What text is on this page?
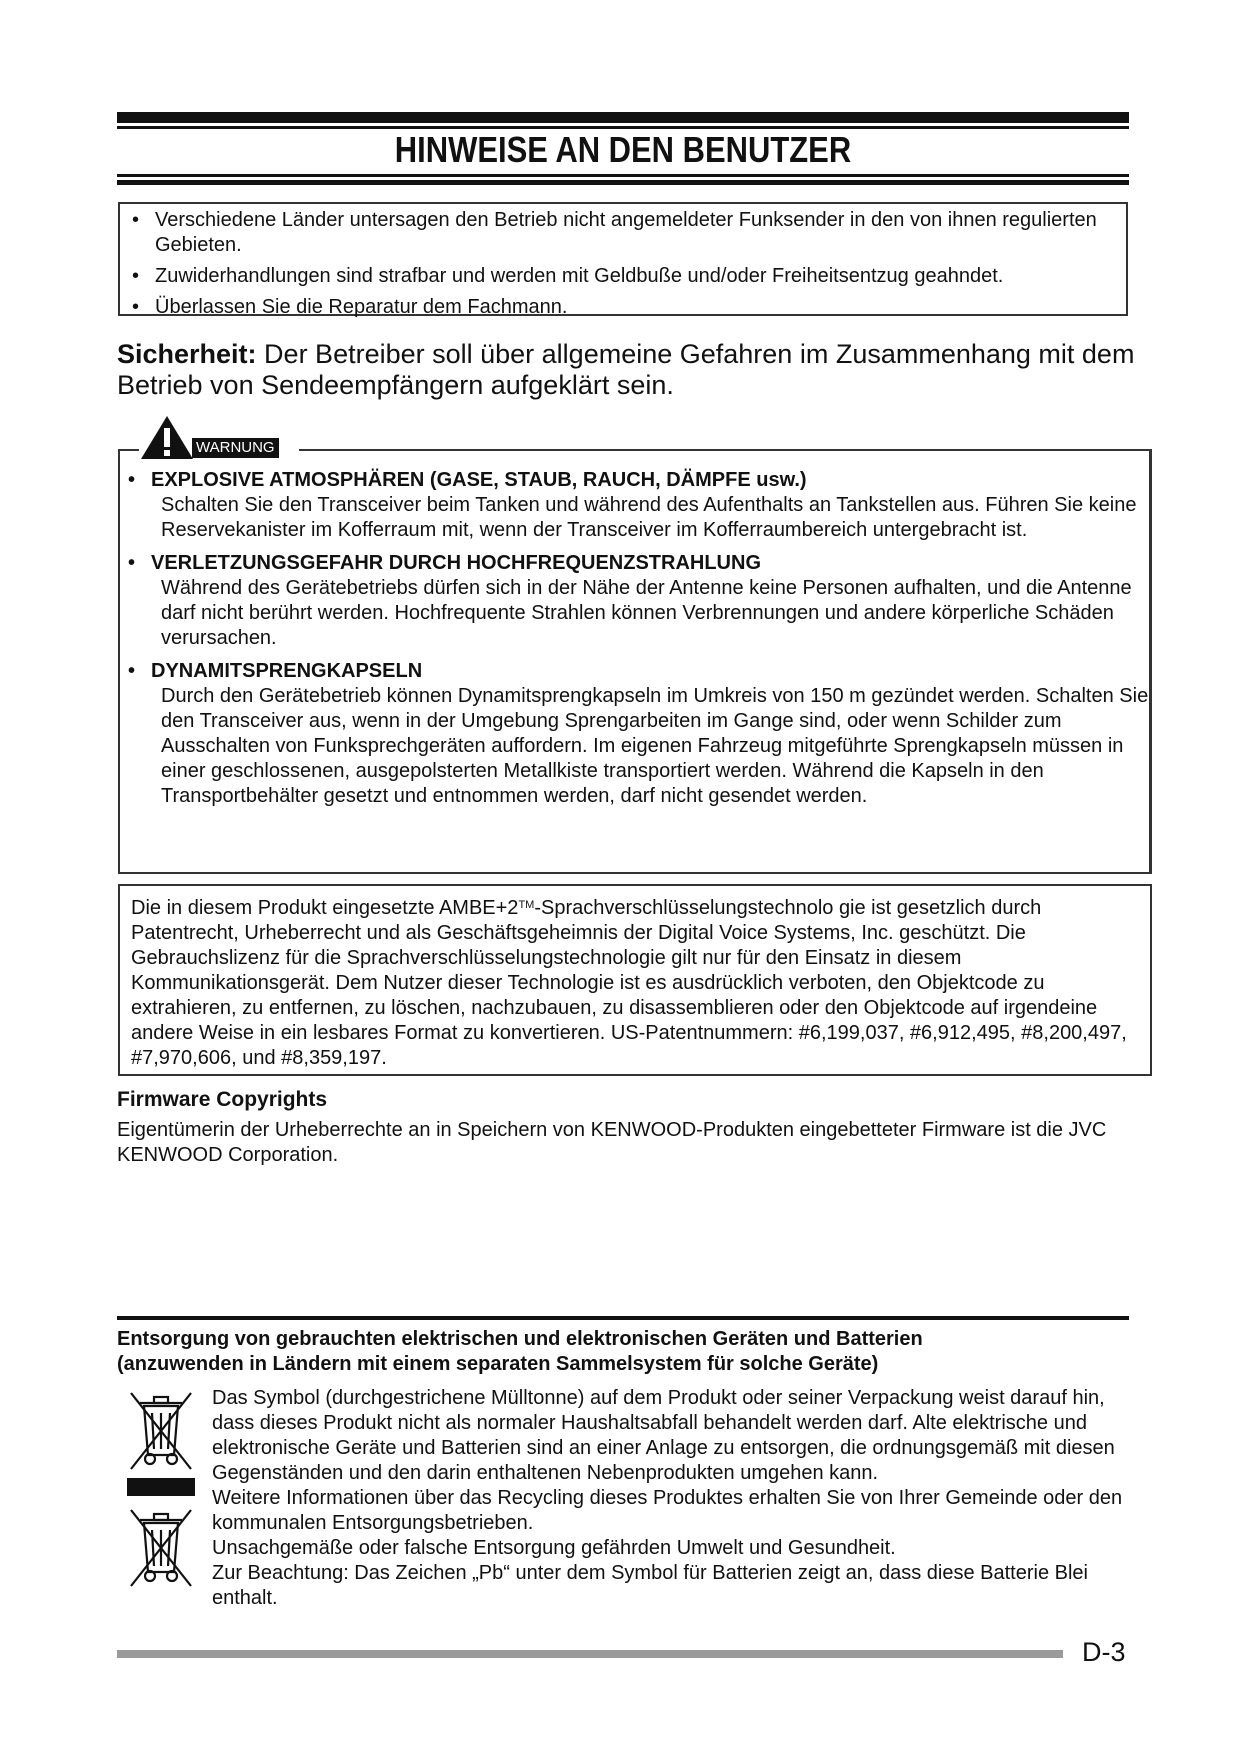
HINWEISE AN DEN BENUTZER
• Verschiedene Länder untersagen den Betrieb nicht angemeldeter Funksender in den von ihnen regulierten Gebieten.
• Zuwiderhandlungen sind strafbar und werden mit Geldbuße und/oder Freiheitsentzug geahndet.
• Überlassen Sie die Reparatur dem Fachmann.
Sicherheit: Der Betreiber soll über allgemeine Gefahren im Zusammenhang mit dem Betrieb von Sendeempfängern aufgeklärt sein.
WARNUNG
• EXPLOSIVE ATMOSPHÄREN (GASE, STAUB, RAUCH, DÄMPFE usw.)
Schalten Sie den Transceiver beim Tanken und während des Aufenthalts an Tankstellen aus. Führen Sie keine Reservekanister im Kofferraum mit, wenn der Transceiver im Kofferraumbereich untergebracht ist.
• VERLETZUNGSGEFAHR DURCH HOCHFREQUENZSTRAHLUNG
Während des Gerätebetriebs dürfen sich in der Nähe der Antenne keine Personen aufhalten, und die Antenne darf nicht berührt werden. Hochfrequente Strahlen können Verbrennungen und andere körperliche Schäden verursachen.
• DYNAMITSPRENGKAPSELN
Durch den Gerätebetrieb können Dynamitsprengkapseln im Umkreis von 150 m gezündet werden. Schalten Sie den Transceiver aus, wenn in der Umgebung Sprengarbeiten im Gange sind, oder wenn Schilder zum Ausschalten von Funksprechgeräten auffordern. Im eigenen Fahrzeug mitgeführte Sprengkapseln müssen in einer geschlossenen, ausgepolsterten Metallkiste transportiert werden. Während die Kapseln in den Transportbehälter gesetzt und entnommen werden, darf nicht gesendet werden.
Die in diesem Produkt eingesetzte AMBE+2™-Sprachverschlüsselungstechnolo gie ist gesetzlich durch Patentrecht, Urheberrecht und als Geschäftsgeheimnis der Digital Voice Systems, Inc. geschützt. Die Gebrauchslizenz für die Sprachverschlüsselungstechnologie gilt nur für den Einsatz in diesem Kommunikationsgerät. Dem Nutzer dieser Technologie ist es ausdrücklich verboten, den Objektcode zu extrahieren, zu entfernen, zu löschen, nachzubauen, zu disassemblieren oder den Objektcode auf irgendeine andere Weise in ein lesbares Format zu konvertieren. US-Patentnummern: #6,199,037, #6,912,495, #8,200,497, #7,970,606, und #8,359,197.
Firmware Copyrights
Eigentümerin der Urheberrechte an in Speichern von KENWOOD-Produkten eingebetteter Firmware ist die JVC KENWOOD Corporation.
Entsorgung von gebrauchten elektrischen und elektronischen Geräten und Batterien
(anzuwenden in Ländern mit einem separaten Sammelsystem für solche Geräte)
Das Symbol (durchgestrichene Mülltonne) auf dem Produkt oder seiner Verpackung weist darauf hin, dass dieses Produkt nicht als normaler Haushaltsabfall behandelt werden darf. Alte elektrische und elektronische Geräte und Batterien sind an einer Anlage zu entsorgen, die ordnungsgemäß mit diesen Gegenständen und den darin enthaltenen Nebenprodukten umgehen kann.
Weitere Informationen über das Recycling dieses Produktes erhalten Sie von Ihrer Gemeinde oder den kommunalen Entsorgungsbetrieben.
Unsachgemäße oder falsche Entsorgung gefährden Umwelt und Gesundheit.
Zur Beachtung: Das Zeichen „Pb“ unter dem Symbol für Batterien zeigt an, dass diese Batterie Blei enthalt.
D-3
